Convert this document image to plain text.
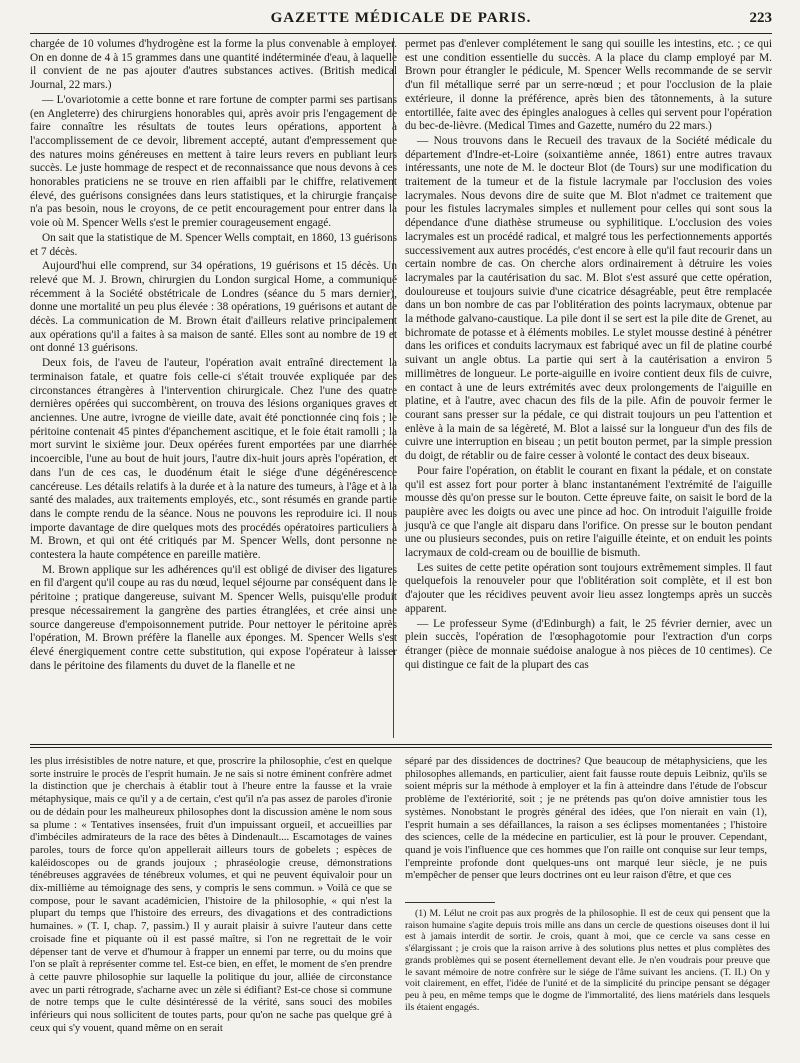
GAZETTE MÉDICALE DE PARIS.	223

chargée de 10 volumes d'hydrogène est la forme la plus convenable à employer. On en donne de 4 à 15 grammes dans une quantité indéterminée d'eau, à laquelle il convient de ne pas ajouter d'autres substances actives. (British medical Journal, 22 mars.)

— L'ovariotomie a cette bonne et rare fortune de compter parmi ses partisans (en Angleterre) des chirurgiens honorables qui, après avoir pris l'engagement de faire connaître les résultats de toutes leurs opérations, apportent à l'accomplissement de ce devoir, librement accepté, autant d'empressement que des natures moins généreuses en mettent à taire leurs revers en publiant leurs succès. Le juste hommage de respect et de reconnaissance que nous devons à ces honorables praticiens ne se trouve en rien affaibli par le chiffre, relativement élevé, des guérisons consignées dans leurs statistiques, et la chirurgie française n'a pas besoin, nous le croyons, de ce petit encouragement pour entrer dans la voie où M. Spencer Wells s'est le premier courageusement engagé.

On sait que la statistique de M. Spencer Wells comptait, en 1860, 13 guérisons et 7 décès.

Aujourd'hui elle comprend, sur 34 opérations, 19 guérisons et 15 décès. Un relevé que M. J. Brown, chirurgien du London surgical Home, a communiqué récemment à la Société obstétricale de Londres (séance du 5 mars dernier), donne une mortalité un peu plus élevée : 38 opérations, 19 guérisons et autant de décès. La communication de M. Brown était d'ailleurs relative principalement aux opérations qu'il a faites à sa maison de santé. Elles sont au nombre de 19 et ont donné 13 guérisons.

Deux fois, de l'aveu de l'auteur, l'opération avait entraîné directement la terminaison fatale, et quatre fois celle-ci s'était trouvée expliquée par des circonstances étrangères à l'intervention chirurgicale. Chez l'une des quatre dernières opérées qui succombèrent, on trouva des lésions organiques graves et anciennes. Une autre, ivrogne de vieille date, avait été ponctionnée cinq fois ; le péritoine contenait 45 pintes d'épanchement ascitique, et le foie était ramolli ; la mort survint le sixième jour. Deux opérées furent emportées par une diarrhée incoercible, l'une au bout de huit jours, l'autre dix-huit jours après l'opération, et dans l'un de ces cas, le duodénum était le siége d'une dégénérescence cancéreuse. Les détails relatifs à la durée et à la nature des tumeurs, à l'âge et à la santé des malades, aux traitements employés, etc., sont résumés en grande partie dans le compte rendu de la séance. Nous ne pouvons les reproduire ici. Il nous importe davantage de dire quelques mots des procédés opératoires particuliers à M. Brown, et qui ont été critiqués par M. Spencer Wells, dont personne ne contestera la haute compétence en pareille matière.

M. Brown applique sur les adhérences qu'il est obligé de diviser des ligatures en fil d'argent qu'il coupe au ras du nœud, lequel séjourne par conséquent dans le péritoine ; pratique dangereuse, suivant M. Spencer Wells, puisqu'elle produit presque nécessairement la gangrène des parties étranglées, et crée ainsi une source dangereuse d'empoisonnement putride. Pour nettoyer le péritoine après l'opération, M. Brown préfère la flanelle aux éponges. M. Spencer Wells s'est élevé énergiquement contre cette substitution, qui expose l'opérateur à laisser dans le péritoine des filaments du duvet de la flanelle et ne

permet pas d'enlever complétement le sang qui souille les intestins, etc. ; ce qui est une condition essentielle du succès. A la place du clamp employé par M. Brown pour étrangler le pédicule, M. Spencer Wells recommande de se servir d'un fil métallique serré par un serre-nœud ; et pour l'occlusion de la plaie extérieure, il donne la préférence, après bien des tâtonnements, à la suture entortillée, faite avec des épingles analogues à celles qui servent pour l'opération du bec-de-lièvre. (Medical Times and Gazette, numéro du 22 mars.)

— Nous trouvons dans le Recueil des travaux de la Société médicale du département d'Indre-et-Loire (soixantième année, 1861) entre autres travaux intéressants, une note de M. le docteur Blot (de Tours) sur une modification du traitement de la tumeur et de la fistule lacrymale par l'occlusion des voies lacrymales. Nous devons dire de suite que M. Blot n'admet ce traitement que pour les fistules lacrymales simples et nullement pour celles qui sont sous la dépendance d'une diathèse strumeuse ou syphilitique. L'occlusion des voies lacrymales est un procédé radical, et malgré tous les perfectionnements apportés successivement aux autres procédés, c'est encore à elle qu'il faut recourir dans un certain nombre de cas. On cherche alors ordinairement à détruire les voies lacrymales par la cautérisation du sac. M. Blot s'est assuré que cette opération, douloureuse et toujours suivie d'une cicatrice désagréable, peut être remplacée dans un bon nombre de cas par l'oblitération des points lacrymaux, obtenue par la méthode galvano-caustique. La pile dont il se sert est la pile dite de Grenet, au bichromate de potasse et à éléments mobiles. Le stylet mousse destiné à pénétrer dans les orifices et conduits lacrymaux est fabriqué avec un fil de platine courbé suivant un angle obtus. La partie qui sert à la cautérisation a environ 5 millimètres de longueur. Le porte-aiguille en ivoire contient deux fils de cuivre, en contact à une de leurs extrémités avec deux prolongements de l'aiguille en platine, et à l'autre, avec chacun des fils de la pile. Afin de pouvoir fermer le courant sans presser sur la pédale, ce qui distrait toujours un peu l'attention et enlève à la main de sa légèreté, M. Blot a laissé sur la longueur d'un des fils de cuivre une interruption en biseau ; un petit bouton permet, par la simple pression du doigt, de rétablir ou de faire cesser à volonté le contact des deux biseaux.

Pour faire l'opération, on établit le courant en fixant la pédale, et on constate qu'il est assez fort pour porter à blanc instantanément l'extrémité de l'aiguille mousse dès qu'on presse sur le bouton. Cette épreuve faite, on saisit le bord de la paupière avec les doigts ou avec une pince ad hoc. On introduit l'aiguille froide jusqu'à ce que l'angle ait disparu dans l'orifice. On presse sur le bouton pendant une ou plusieurs secondes, puis on retire l'aiguille éteinte, et on enduit les points lacrymaux de cold-cream ou de bouillie de bismuth.

Les suites de cette petite opération sont toujours extrêmement simples. Il faut quelquefois la renouveler pour que l'oblitération soit complète, et il est bon d'ajouter que les récidives peuvent avoir lieu assez longtemps après un succès apparent.

— Le professeur Syme (d'Edinburgh) a fait, le 25 février dernier, avec un plein succès, l'opération de l'œsophagotomie pour l'extraction d'un corps étranger (pièce de monnaie suédoise analogue à nos pièces de 10 centimes). Ce qui distingue ce fait de la plupart des cas

les plus irrésistibles de notre nature, et que, proscrire la philosophie, c'est en quelque sorte instruire le procès de l'esprit humain. Je ne sais si notre éminent confrère admet la distinction que je cherchais à établir tout à l'heure entre la fausse et la vraie métaphysique, mais ce qu'il y a de certain, c'est qu'il n'a pas assez de paroles d'ironie ou de dédain pour les malheureux philosophes dont la discussion amène le nom sous sa plume : « Tentatives insensées, fruit d'un impuissant orgueil, et accueillies par d'imbéciles admirateurs de la race des bêtes à Dindenault.... Escamotages de vaines paroles, tours de force qu'on appellerait ailleurs tours de gobelets ; espèces de kaléidoscopes ou de grands joujoux ; phraséologie creuse, démonstrations ténébreuses aggravées de ténébreux volumes, et qui ne peuvent équivaloir pour un dix-millième au témoignage des sens, y compris le sens commun. » Voilà ce que se compose, pour le savant académicien, l'histoire de la philosophie, « qui n'est la plupart du temps que l'histoire des erreurs, des divagations et des contradictions humaines. » (T. I, chap. 7, passim.) Il y aurait plaisir à suivre l'auteur dans cette croisade fine et piquante où il est passé maître, si l'on ne regrettait de le voir dépenser tant de verve et d'humour à frapper un ennemi par terre, ou du moins que l'on se plaît à représenter comme tel. Est-ce bien, en effet, le moment de s'en prendre à cette pauvre philosophie sur laquelle la politique du jour, alliée de circonstance avec un parti rétrograde, s'acharne avec un zèle si édifiant? Est-ce chose si commune de notre temps que le culte désintéressé de la vérité, sans souci des mobiles inférieurs qui nous sollicitent de toutes parts, pour qu'on ne sache pas quelque gré à ceux qui s'y vouent, quand même on en serait

séparé par des dissidences de doctrines? Que beaucoup de métaphysiciens, que les philosophes allemands, en particulier, aient fait fausse route depuis Leibniz, qu'ils se soient mépris sur la méthode à employer et la fin à atteindre dans l'étude de l'obscur problème de l'extériorité, soit ; je ne prétends pas qu'on doive amnistier tous les systèmes. Nonobstant le progrès général des idées, que l'on nierait en vain (1), l'esprit humain a ses défaillances, la raison a ses éclipses momentanées ; l'histoire des sciences, celle de la médecine en particulier, est là pour le prouver. Cependant, quand je vois l'influence que ces hommes que l'on raille ont conquise sur leur temps, l'empreinte profonde dont quelques-uns ont marqué leur siècle, je ne puis m'empêcher de penser que leurs doctrines ont eu leur raison d'être, et que ces

(1) M. Lélut ne croit pas aux progrès de la philosophie. Il est de ceux qui pensent que la raison humaine s'agite depuis trois mille ans dans un cercle de questions oiseuses dont il lui est à jamais interdit de sortir. Je crois, quant à moi, que ce cercle va sans cesse en s'élargissant ; je crois que la raison arrive à des solutions plus nettes et plus complètes des grands problèmes qui se posent éternellement devant elle. Je n'en voudrais pour preuve que le savant mémoire de notre confrère sur le siége de l'âme suivant les anciens. (T. II.) On y voit clairement, en effet, l'idée de l'unité et de la simplicité du principe pensant se dégager peu à peu, en même temps que le dogme de l'immortalité, des liens matériels dans lesquels ils étaient engagés.
